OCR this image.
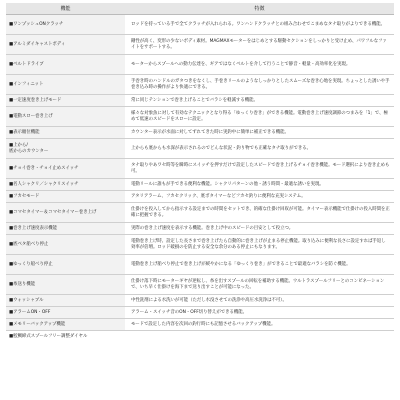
機能	特徴

■ワンプッシュONクラッチ	ロッドを持っている手で全てクラッチが入れられる。ワンハンドクラッチとの組み合わせでこまめなタナ取りがよりできる機能。

■アルミダイキャストボディ	剛性が高く、変形の少ないボディ素材。MAGMAXモーターをはじめとする駆動セクションをしっかりと受け止め、パワフルなファイトをサポートする。

■ベルトドライブ	モーターからスプールへの動力伝達を、ギアではなくベルトを介して行うことで静音・軽量・高効率化を実現。

■インフィニット	手巻き時のハンドルのガタつきをなくし、手巻きリールのようなしっかりとしたスムーズな巻き心地を実現。ちょっとした誘いや手巻き込み時の操作がより快適にできる。

■一定速度巻き上げモード	常に同じテンションで巻き上げることでバラシを軽減する機能。

■電動スロー巻き上げ	様々な対象魚に対して有効なテクニックとなり得る「ゆっくり巻き」ができる機能。電動巻き上げ速度調節のつまみを「1」で、極めて低速のスピードをスローに設定。

■表示順位機能	カウンター表示が水面に対してずれてきた時に実釣中に簡単に補正できる機能。

■上から/
底からのカウンター	上からも底からも水深が表示されるのでどんな状況・釣り物でも正確なタナ取りができる。

■チョイ巻き・チョイ止めスイッチ	タナ取りやあワセ時等を瞬時にスイッチを押すだけで設定したスピードで巻き上げるチョイ巻き機能。モード選択により巻き止めも可。

■名人シャクリ／シャクリスイッチ	電動リールに誰もが手できる便利な機能。シャクリパターンの他・誘う時間・最適な誘いを実現。

■フカセモード	アタリアラーム、フカセクリック、底ボタイマーなどフカセ釣りに便利な充実システム。

■コマセタイマー＆コマセタイマー巻き上げ	仕掛けを投入してから指示する設定までの時間をセットでき、的確な仕掛け回収が可能。タイマー表示機能で仕掛けの投入時間を正確に把握できる。

■巻き上げ速度表示機能	実際の巻き上げ速度を表示する機能。巻き上げ中のスピードの目安として役立つ。

■底ベタ船べり停止	電動巻き上げ時、設定した長さまで巻き上げたら自動的に巻き上げが止まる停止機能。取り込みに便利な長さに設定すれば手返し効率が倍増。ロッド破損のを防止する安全な余分のある停止にもなります。

■ゆっくり船べり停止	電動巻き上げ船べり停止で巻き上げが緩やかになる「ゆっくり巻き」ができることで最適なバラシを防ぐ機能。

■糸送り機能	仕掛け落下時にモーターギヤが逆転し、糸を出すスプールの回転を補助する機能。ウルトラスプールフリーとのコンビネーションで、いち早く仕掛けを海下まで送り出すことが可能になった。

■ウォッシャブル	中性洗剤による水洗いが可能（ただし水没させての洗浄や高圧水洗浄は不可）。

■アラームON・OFF	アラーム・スイッチ音のON・OFF切り替えができる機能。

■メモリーバックアップ機能	モードで設定した内容を次回の釣行時にも記憶させるバックアップ機能。

■鮫鯛締式スプールフリー調整ダイヤル	
